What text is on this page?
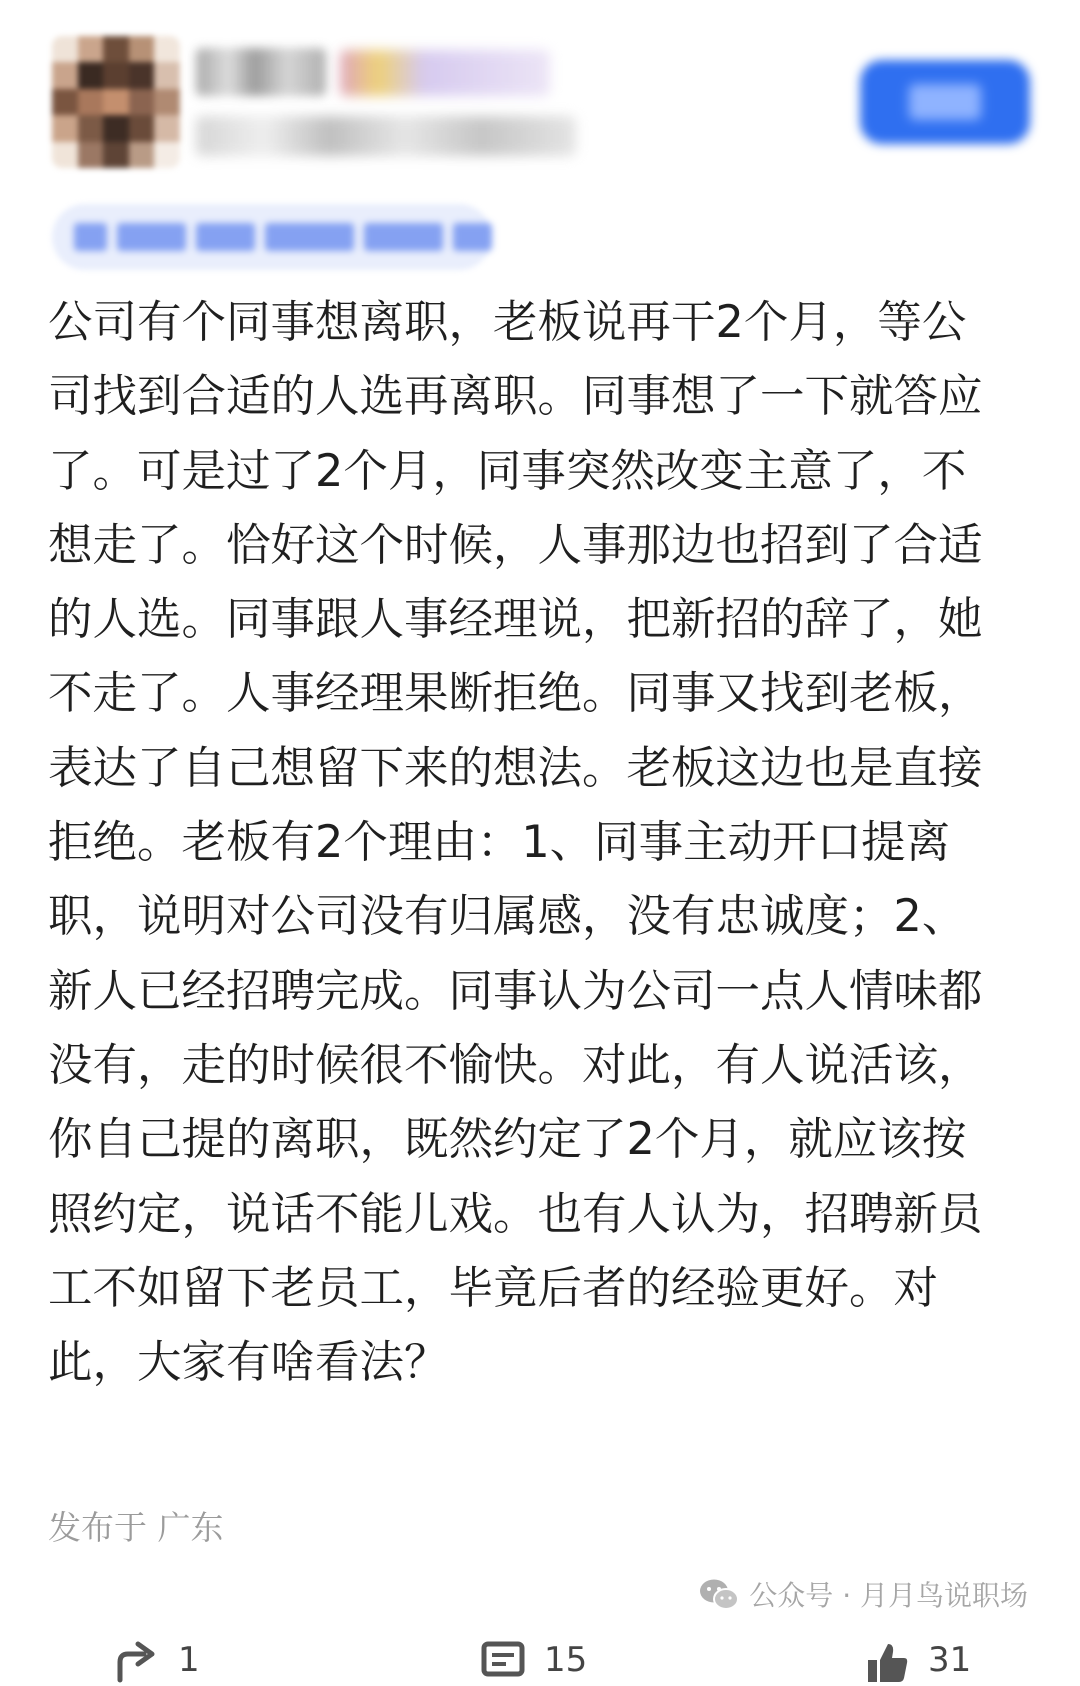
公司有个同事想离职，老板说再干2个月，等公司找到合适的人选再离职。同事想了一下就答应了。可是过了2个月，同事突然改变主意了，不想走了。恰好这个时候，人事那边也招到了合适的人选。同事跟人事经理说，把新招的辞了，她不走了。人事经理果断拒绝。同事又找到老板，表达了自己想留下来的想法。老板这边也是直接拒绝。老板有2个理由：1、同事主动开口提离职，说明对公司没有归属感，没有忠诚度；2、新人已经招聘完成。同事认为公司一点人情味都没有，走的时候很不愉快。对此，有人说活该，你自己提的离职，既然约定了2个月，就应该按照约定，说话不能儿戏。也有人认为，招聘新员工不如留下老员工，毕竟后者的经验更好。对此，大家有啥看法？

发布于 广东
公众号 · 月月鸟说职场
1	15	31
